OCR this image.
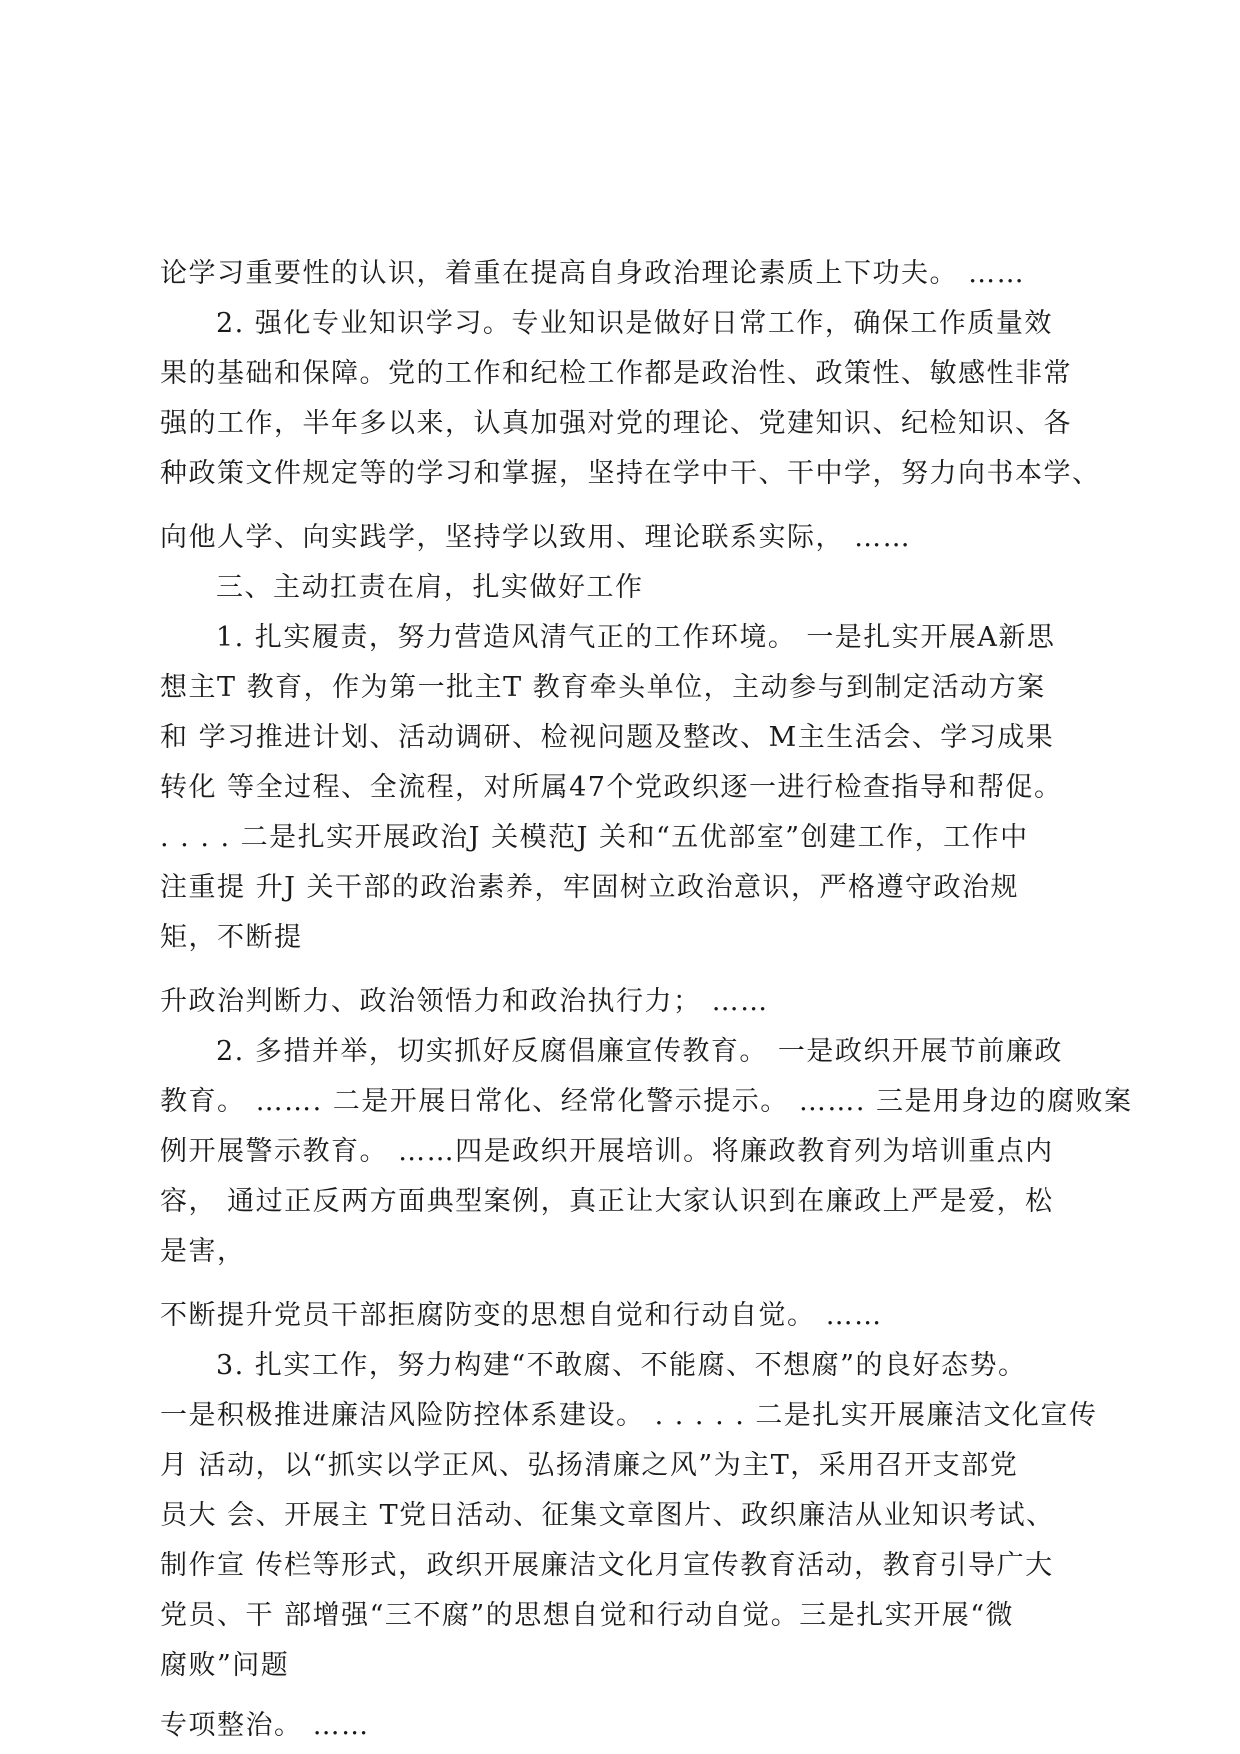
论学习重要性的认识，着重在提高自身政治理论素质上下功夫。 ……
2. 强化专业知识学习。专业知识是做好日常工作，确保工作质量效
果的基础和保障。党的工作和纪检工作都是政治性、政策性、敏感性非常
强的工作，半年多以来，认真加强对党的理论、党建知识、纪检知识、各
种政策文件规定等的学习和掌握，坚持在学中干、干中学，努力向书本学、
向他人学、向实践学，坚持学以致用、理论联系实际， ……
三、主动扛责在肩，扎实做好工作
1. 扎实履责，努力营造风清气正的工作环境。 一是扎实开展A新思
想主T 教育，作为第一批主T 教育牵头单位，主动参与到制定活动方案
和 学习推进计划、活动调研、检视问题及整改、M主生活会、学习成果
转化 等全过程、全流程，对所属47个党政织逐一进行检查指导和帮促。
. . . . 二是扎实开展政治J 关模范J 关和“五优部室”创建工作，工作中
注重提 升J 关干部的政治素养，牢固树立政治意识，严格遵守政治规
矩，不断提
升政治判断力、政治领悟力和政治执行力； ……
2. 多措并举，切实抓好反腐倡廉宣传教育。 一是政织开展节前廉政
教育。 ……. 二是开展日常化、经常化警示提示。 ……. 三是用身边的腐败案
例开展警示教育。 ……四是政织开展培训。将廉政教育列为培训重点内
容， 通过正反两方面典型案例，真正让大家认识到在廉政上严是爱，松
是害，
不断提升党员干部拒腐防变的思想自觉和行动自觉。 ……
3. 扎实工作，努力构建“不敢腐、不能腐、不想腐”的良好态势。
一是积极推进廉洁风险防控体系建设。 . . . . . 二是扎实开展廉洁文化宣传
月 活动，以“抓实以学正风、弘扬清廉之风”为主T，采用召开支部党
员大 会、开展主 T党日活动、征集文章图片、政织廉洁从业知识考试、
制作宣 传栏等形式，政织开展廉洁文化月宣传教育活动，教育引导广大
党员、干 部增强“三不腐”的思想自觉和行动自觉。三是扎实开展“微
腐败”问题
专项整治。 ……
